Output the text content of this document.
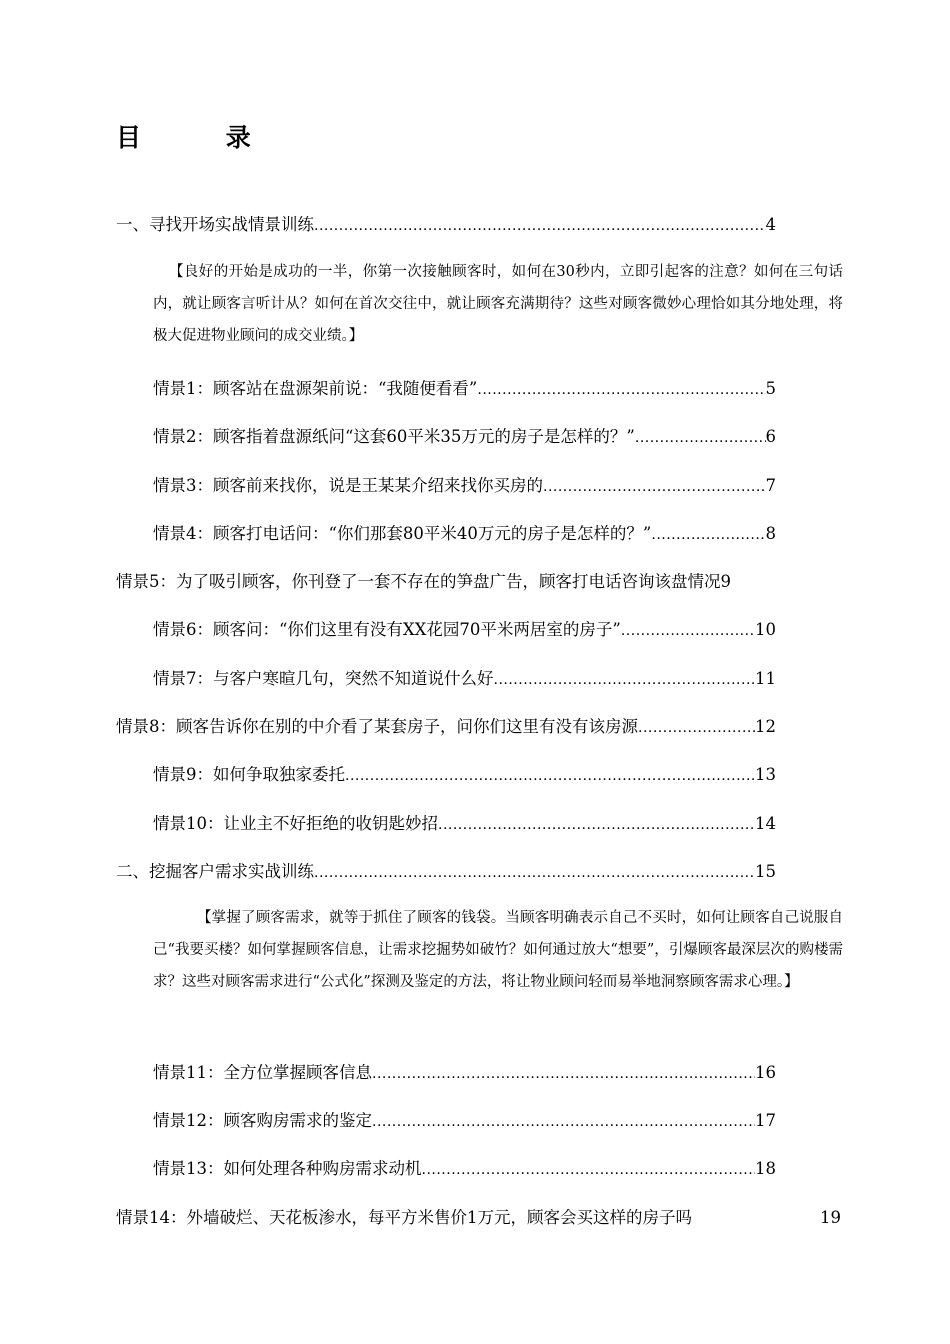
目 录
一、寻找开场实战情景训练 .....	4
【良好的开始是成功的一半，你第一次接触顾客时，如何在30秒内，立即引起客的注意？如何在三句话内，就让顾客言听计从？如何在首次交往中，就让顾客充满期待？这些对顾客微妙心理恰如其分地处理，将极大促进物业顾问的成交业绩。】
情景1：顾客站在盘源架前说：“我随便看看” .....	5
情景2：顾客指着盘源纸问“这套60平米35万元的房子是怎样的？” .....	6
情景3：顾客前来找你，说是王某某介绍来找你买房的 .....	7
情景4：顾客打电话问：“你们那套80平米40万元的房子是怎样的？” .....	8
情景5：为了吸引顾客，你刊登了一套不存在的笋盘广告，顾客打电话咨询该盘情况 9
情景6：顾客问：“你们这里有没有XX花园70平米两居室的房子” .....	10
情景7：与客户寒暄几句，突然不知道说什么好 .....	11
情景8：顾客告诉你在别的中介看了某套房子，问你们这里有没有该房源 .....	12
情景9：如何争取独家委托 .....	13
情景10：让业主不好拒绝的收钥匙妙招 .....	14
二、挖掘客户需求实战训练 .....	15
【掌握了顾客需求，就等于抓住了顾客的钱袋。当顾客明确表示自己不买时，如何让顾客自己说服自己“我要买楼？如何掌握顾客信息，让需求挖掘势如破竹？如何通过放大“想要”，引爆顾客最深层次的购楼需求？这些对顾客需求进行“公式化”探测及鉴定的方法，将让物业顾问轻而易举地洞察顾客需求心理。】
情景11：全方位掌握顾客信息 .....	16
情景12：顾客购房需求的鉴定 .....	17
情景13：如何处理各种购房需求动机 .....	18
情景14：外墙破烂、天花板渗水，每平方米售价1万元，顾客会买这样的房子吗	19
